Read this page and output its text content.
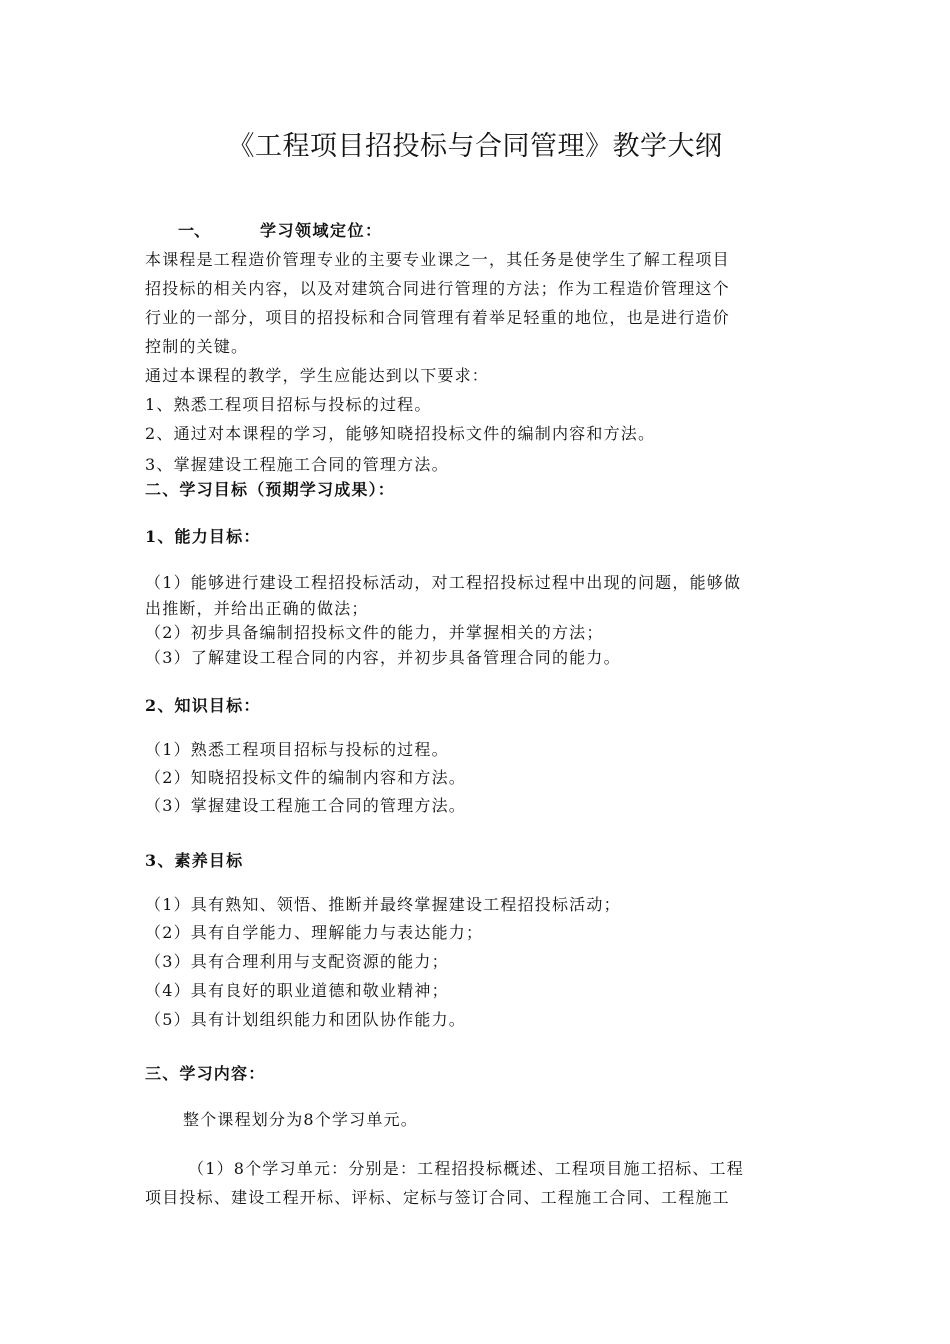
《工程项目招投标与合同管理》教学大纲
一、	学习领域定位：
本课程是工程造价管理专业的主要专业课之一，其任务是使学生了解工程项目
招投标的相关内容，以及对建筑合同进行管理的方法；作为工程造价管理这个
行业的一部分，项目的招投标和合同管理有着举足轻重的地位，也是进行造价
控制的关键。
通过本课程的教学，学生应能达到以下要求：
1、熟悉工程项目招标与投标的过程。
2、通过对本课程的学习，能够知晓招投标文件的编制内容和方法。
3、掌握建设工程施工合同的管理方法。
二、学习目标（预期学习成果）：
1、能力目标：
（1）能够进行建设工程招投标活动，对工程招投标过程中出现的问题，能够做
出推断，并给出正确的做法；
（2）初步具备编制招投标文件的能力，并掌握相关的方法；
（3）了解建设工程合同的内容，并初步具备管理合同的能力。
2、知识目标：
（1）熟悉工程项目招标与投标的过程。
（2）知晓招投标文件的编制内容和方法。
（3）掌握建设工程施工合同的管理方法。
3、素养目标
（1）具有熟知、领悟、推断并最终掌握建设工程招投标活动；
（2）具有自学能力、理解能力与表达能力；
（3）具有合理利用与支配资源的能力；
（4）具有良好的职业道德和敬业精神；
（5）具有计划组织能力和团队协作能力。
三、学习内容：
整个课程划分为8个学习单元。
（1）8个学习单元：分别是：工程招投标概述、工程项目施工招标、工程
项目投标、建设工程开标、评标、定标与签订合同、工程施工合同、工程施工
